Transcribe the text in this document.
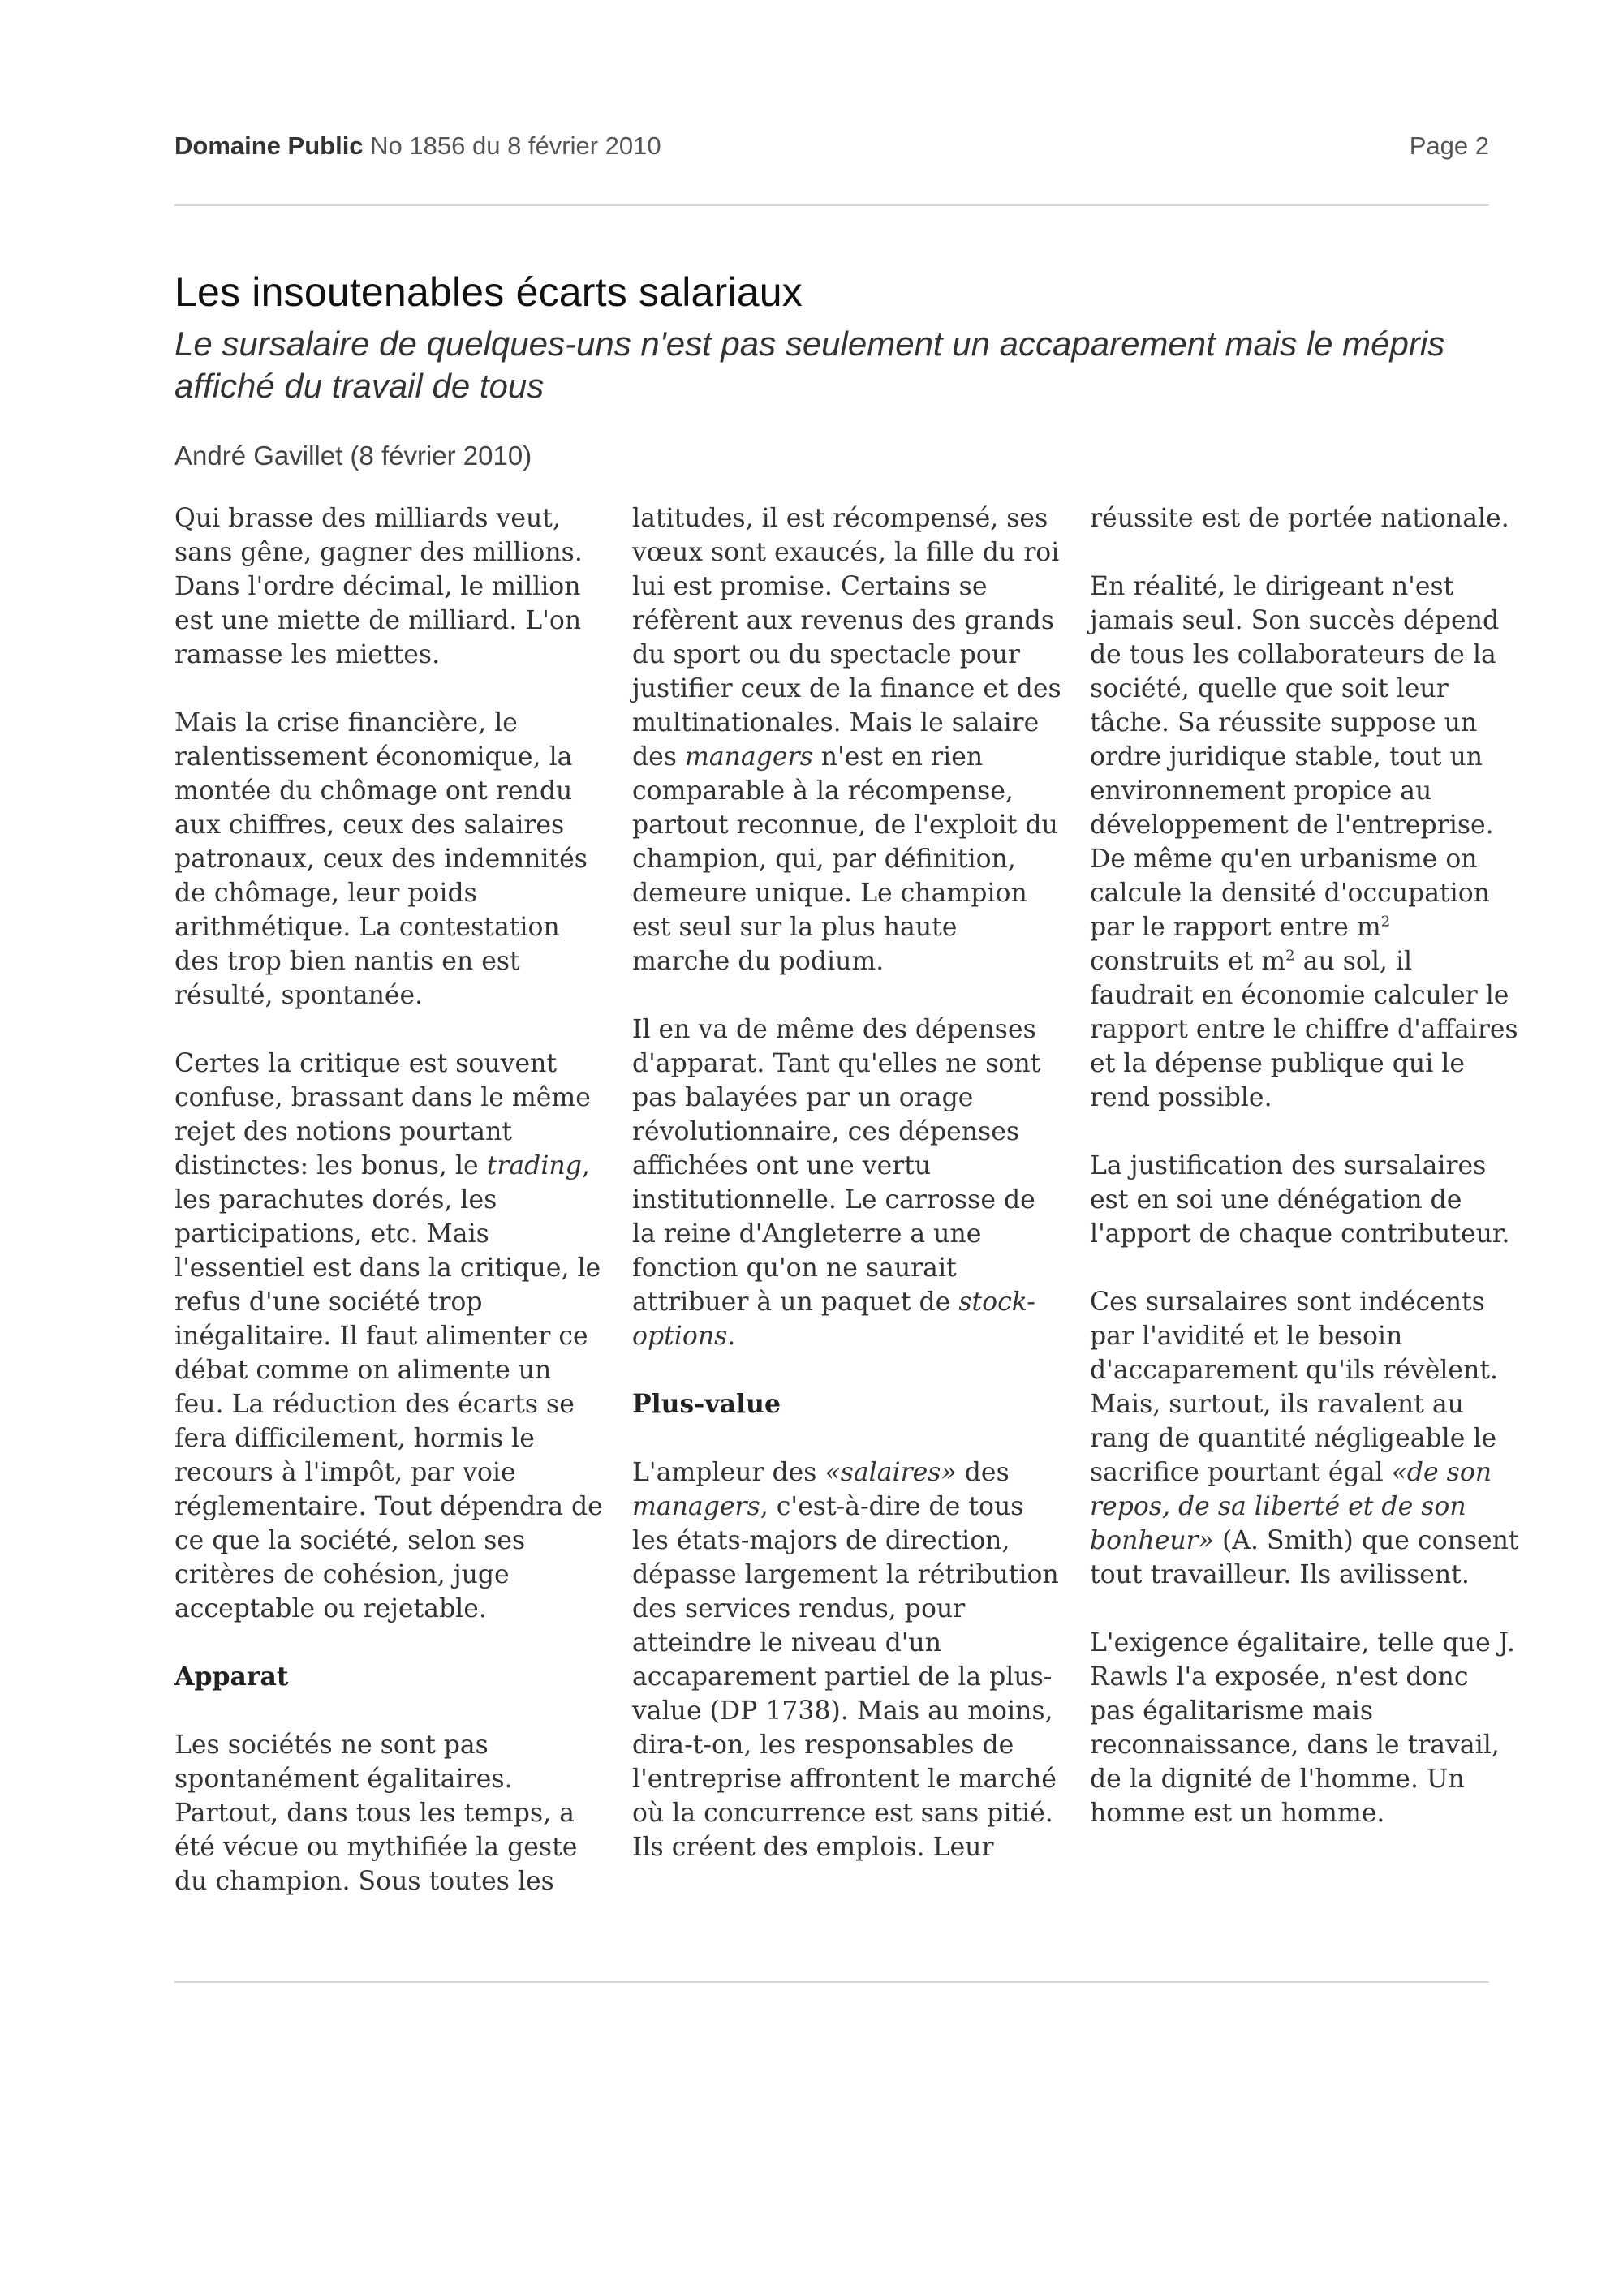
Domaine Public No 1856 du 8 février 2010	Page 2
Les insoutenables écarts salariaux

Le sursalaire de quelques-uns n'est pas seulement un accaparement mais le mépris affiché du travail de tous

André Gavillet (8 février 2010)

Qui brasse des milliards veut, sans gêne, gagner des millions. Dans l'ordre décimal, le million est une miette de milliard. L'on ramasse les miettes.

Mais la crise financière, le ralentissement économique, la montée du chômage ont rendu aux chiffres, ceux des salaires patronaux, ceux des indemnités de chômage, leur poids arithmétique. La contestation des trop bien nantis en est résulté, spontanée.

Certes la critique est souvent confuse, brassant dans le même rejet des notions pourtant distinctes: les bonus, le trading, les parachutes dorés, les participations, etc. Mais l'essentiel est dans la critique, le refus d'une société trop inégalitaire. Il faut alimenter ce débat comme on alimente un feu. La réduction des écarts se fera difficilement, hormis le recours à l'impôt, par voie réglementaire. Tout dépendra de ce que la société, selon ses critères de cohésion, juge acceptable ou rejetable.

Apparat

Les sociétés ne sont pas spontanément égalitaires. Partout, dans tous les temps, a été vécue ou mythifiée la geste du champion. Sous toutes les

latitudes, il est récompensé, ses vœux sont exaucés, la fille du roi lui est promise. Certains se réfèrent aux revenus des grands du sport ou du spectacle pour justifier ceux de la finance et des multinationales. Mais le salaire des managers n'est en rien comparable à la récompense, partout reconnue, de l'exploit du champion, qui, par définition, demeure unique. Le champion est seul sur la plus haute marche du podium.

Il en va de même des dépenses d'apparat. Tant qu'elles ne sont pas balayées par un orage révolutionnaire, ces dépenses affichées ont une vertu institutionnelle. Le carrosse de la reine d'Angleterre a une fonction qu'on ne saurait attribuer à un paquet de stock-options.

Plus-value

L'ampleur des «salaires» des managers, c'est-à-dire de tous les états-majors de direction, dépasse largement la rétribution des services rendus, pour atteindre le niveau d'un accaparement partiel de la plus-value (DP 1738). Mais au moins, dira-t-on, les responsables de l'entreprise affrontent le marché où la concurrence est sans pitié. Ils créent des emplois. Leur

réussite est de portée nationale.

En réalité, le dirigeant n'est jamais seul. Son succès dépend de tous les collaborateurs de la société, quelle que soit leur tâche. Sa réussite suppose un ordre juridique stable, tout un environnement propice au développement de l'entreprise. De même qu'en urbanisme on calcule la densité d'occupation par le rapport entre $m^2$ construits et $m^2$ au sol, il faudrait en économie calculer le rapport entre le chiffre d'affaires et la dépense publique qui le rend possible.

La justification des sursalaires est en soi une dénégation de l'apport de chaque contributeur.

Ces sursalaires sont indécents par l'avidité et le besoin d'accaparement qu'ils révèlent. Mais, surtout, ils ravalent au rang de quantité négligeable le sacrifice pourtant égal «de son repos, de sa liberté et de son bonheur» (A. Smith) que consent tout travailleur. Ils avilissent.

L'exigence égalitaire, telle que J. Rawls l'a exposée, n'est donc pas égalitarisme mais reconnaissance, dans le travail, de la dignité de l'homme. Un homme est un homme.
